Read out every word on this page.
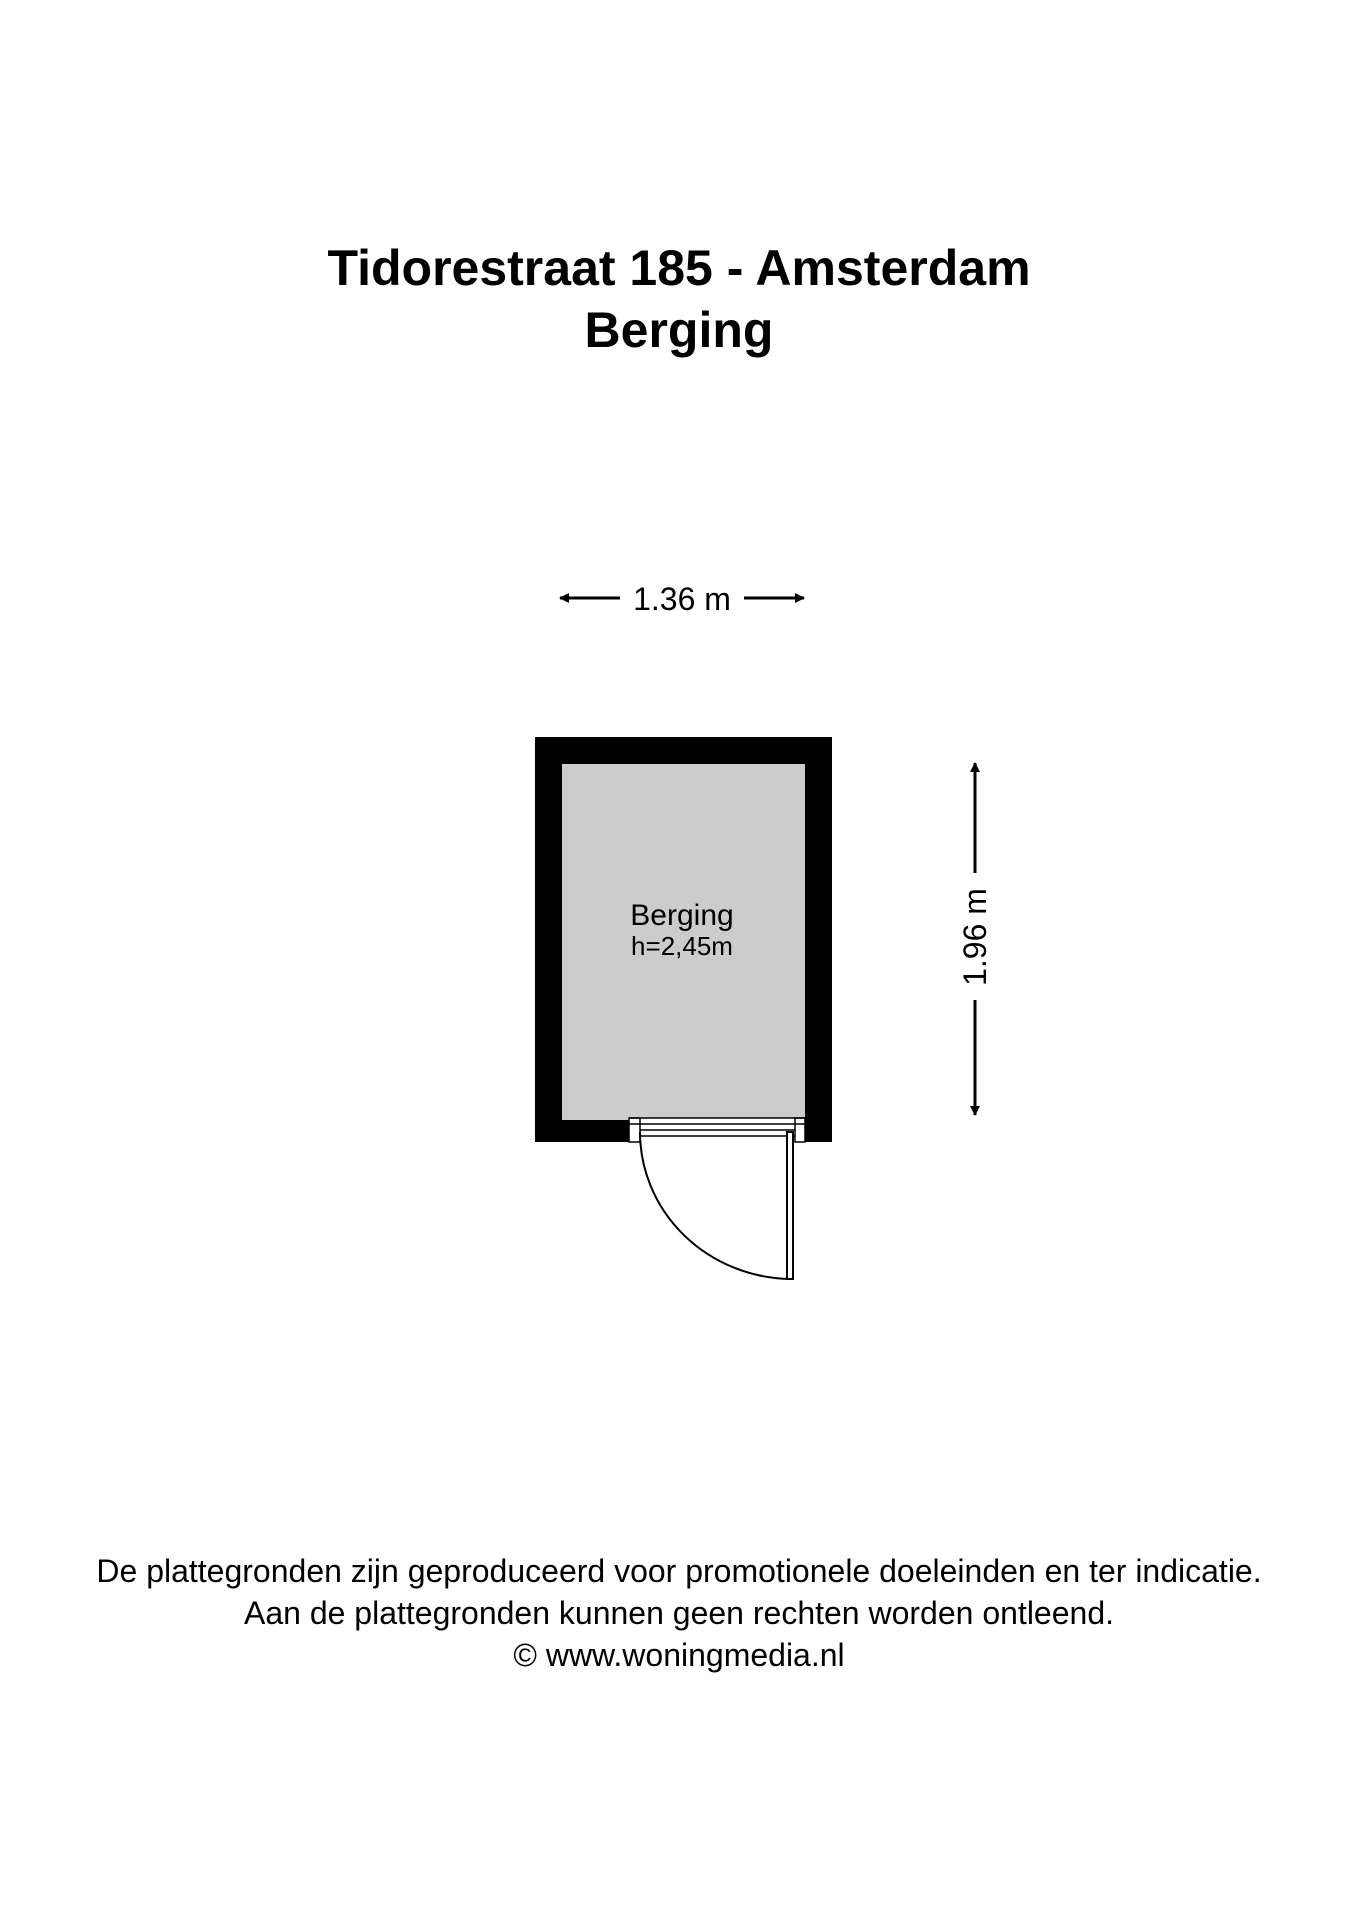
Tidorestraat 185 - Amsterdam
Berging
1.36 m
1.96 m
Berging
h=2,45m
De plattegronden zijn geproduceerd voor promotionele doeleinden en ter indicatie.
Aan de plattegronden kunnen geen rechten worden ontleend.
© www.woningmedia.nl
